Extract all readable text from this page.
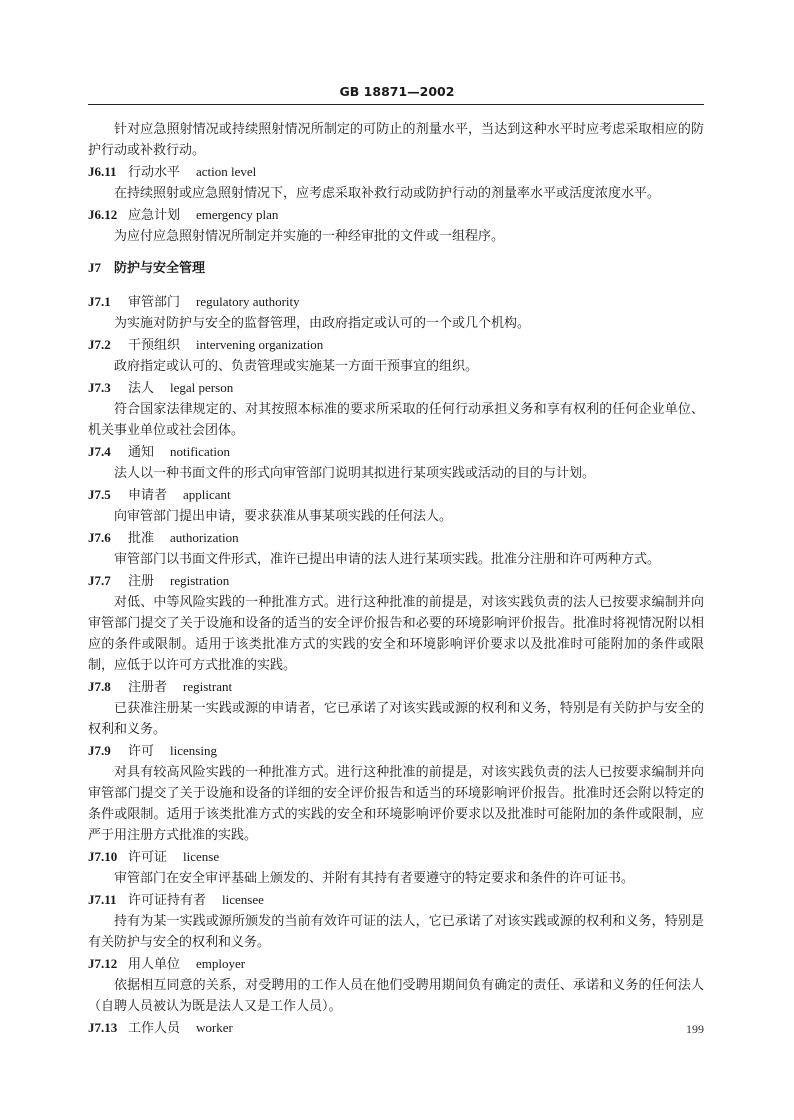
GB 18871—2002

针对应急照射情况或持续照射情况所制定的可防止的剂量水平，当达到这种水平时应考虑采取相应的防护行动或补救行动。

J6.11 行动水平 action level

在持续照射或应急照射情况下，应考虑采取补救行动或防护行动的剂量率水平或活度浓度水平。

J6.12 应急计划 emergency plan

为应付应急照射情况所制定并实施的一种经审批的文件或一组程序。

J7 防护与安全管理
J7.1 审管部门 regulatory authority

为实施对防护与安全的监督管理，由政府指定或认可的一个或几个机构。

J7.2 干预组织 intervening organization

政府指定或认可的、负责管理或实施某一方面干预事宜的组织。

J7.3 法人 legal person

符合国家法律规定的、对其按照本标准的要求所采取的任何行动承担义务和享有权利的任何企业单位、机关事业单位或社会团体。

J7.4 通知 notification

法人以一种书面文件的形式向审管部门说明其拟进行某项实践或活动的目的与计划。

J7.5 申请者 applicant

向审管部门提出申请，要求获准从事某项实践的任何法人。

J7.6 批准 authorization

审管部门以书面文件形式，准许已提出申请的法人进行某项实践。批准分注册和许可两种方式。

J7.7 注册 registration

对低、中等风险实践的一种批准方式。进行这种批准的前提是，对该实践负责的法人已按要求编制并向审管部门提交了关于设施和设备的适当的安全评价报告和必要的环境影响评价报告。批准时将视情况附以相应的条件或限制。适用于该类批准方式的实践的安全和环境影响评价要求以及批准时可能附加的条件或限制，应低于以许可方式批准的实践。

J7.8 注册者 registrant

已获准注册某一实践或源的申请者，它已承诺了对该实践或源的权利和义务，特别是有关防护与安全的权利和义务。

J7.9 许可 licensing

对具有较高风险实践的一种批准方式。进行这种批准的前提是，对该实践负责的法人已按要求编制并向审管部门提交了关于设施和设备的详细的安全评价报告和适当的环境影响评价报告。批准时还会附以特定的条件或限制。适用于该类批准方式的实践的安全和环境影响评价要求以及批准时可能附加的条件或限制，应严于用注册方式批准的实践。

J7.10 许可证 license

审管部门在安全审评基础上颁发的、并附有其持有者要遵守的特定要求和条件的许可证书。

J7.11 许可证持有者 licensee

持有为某一实践或源所颁发的当前有效许可证的法人，它已承诺了对该实践或源的权利和义务，特别是有关防护与安全的权利和义务。

J7.12 用人单位 employer

依据相互同意的关系，对受聘用的工作人员在他们受聘用期间负有确定的责任、承诺和义务的任何法人（自聘人员被认为既是法人又是工作人员）。

J7.13 工作人员 worker	199
